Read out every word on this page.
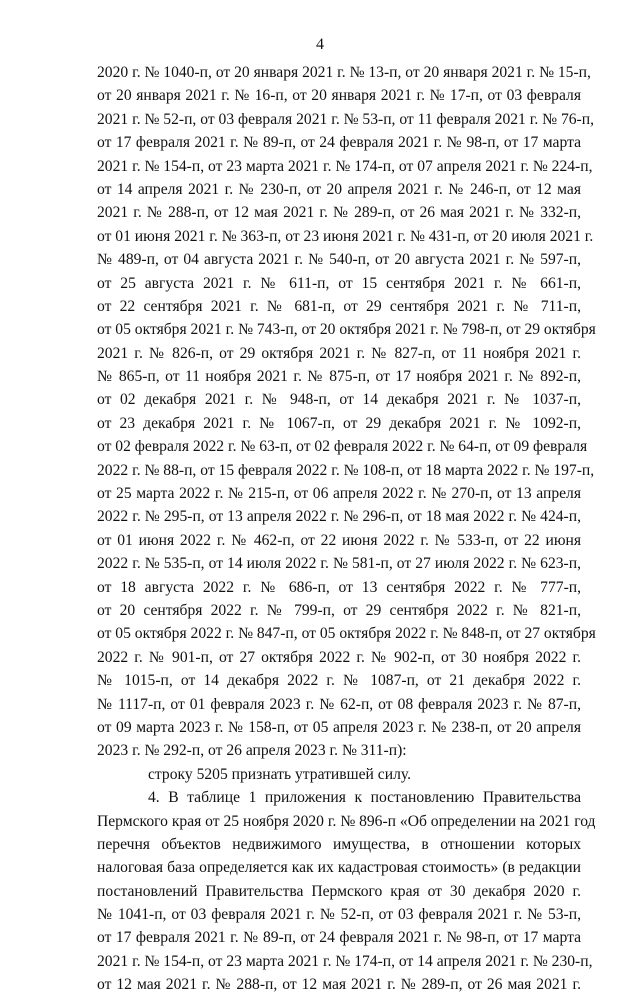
4
2020 г. № 1040-п, от 20 января 2021 г. № 13-п, от 20 января 2021 г. № 15-п,
от 20 января 2021 г. № 16-п, от 20 января 2021 г. № 17-п, от 03 февраля
2021 г. № 52-п, от 03 февраля 2021 г. № 53-п, от 11 февраля 2021 г. № 76-п,
от 17 февраля 2021 г. № 89-п, от 24 февраля 2021 г. № 98-п, от 17 марта
2021 г. № 154-п, от 23 марта 2021 г. № 174-п, от 07 апреля 2021 г. № 224-п,
от 14 апреля 2021 г. № 230-п, от 20 апреля 2021 г. № 246-п, от 12 мая
2021 г. № 288-п, от 12 мая 2021 г. № 289-п, от 26 мая 2021 г. № 332-п,
от 01 июня 2021 г. № 363-п, от 23 июня 2021 г. № 431-п, от 20 июля 2021 г.
№ 489-п, от 04 августа 2021 г. № 540-п, от 20 августа 2021 г. № 597-п,
от 25 августа 2021 г. № 611-п, от 15 сентября 2021 г. № 661-п,
от 22 сентября 2021 г. № 681-п, от 29 сентября 2021 г. № 711-п,
от 05 октября 2021 г. № 743-п, от 20 октября 2021 г. № 798-п, от 29 октября
2021 г. № 826-п, от 29 октября 2021 г. № 827-п, от 11 ноября 2021 г.
№ 865-п, от 11 ноября 2021 г. № 875-п, от 17 ноября 2021 г. № 892-п,
от 02 декабря 2021 г. № 948-п, от 14 декабря 2021 г. № 1037-п,
от 23 декабря 2021 г. № 1067-п, от 29 декабря 2021 г. № 1092-п,
от 02 февраля 2022 г. № 63-п, от 02 февраля 2022 г. № 64-п, от 09 февраля
2022 г. № 88-п, от 15 февраля 2022 г. № 108-п, от 18 марта 2022 г. № 197-п,
от 25 марта 2022 г. № 215-п, от 06 апреля 2022 г. № 270-п, от 13 апреля
2022 г. № 295-п, от 13 апреля 2022 г. № 296-п, от 18 мая 2022 г. № 424-п,
от 01 июня 2022 г. № 462-п, от 22 июня 2022 г. № 533-п, от 22 июня
2022 г. № 535-п, от 14 июля 2022 г. № 581-п, от 27 июля 2022 г. № 623-п,
от 18 августа 2022 г. № 686-п, от 13 сентября 2022 г. № 777-п,
от 20 сентября 2022 г. № 799-п, от 29 сентября 2022 г. № 821-п,
от 05 октября 2022 г. № 847-п, от 05 октября 2022 г. № 848-п, от 27 октября
2022 г. № 901-п, от 27 октября 2022 г. № 902-п, от 30 ноября 2022 г.
№ 1015-п, от 14 декабря 2022 г. № 1087-п, от 21 декабря 2022 г.
№ 1117-п, от 01 февраля 2023 г. № 62-п, от 08 февраля 2023 г. № 87-п,
от 09 марта 2023 г. № 158-п, от 05 апреля 2023 г. № 238-п, от 20 апреля
2023 г. № 292-п, от 26 апреля 2023 г. № 311-п):
строку 5205 признать утратившей силу.
4. В таблице 1 приложения к постановлению Правительства
Пермского края от 25 ноября 2020 г. № 896-п «Об определении на 2021 год
перечня объектов недвижимого имущества, в отношении которых
налоговая база определяется как их кадастровая стоимость» (в редакции
постановлений Правительства Пермского края от 30 декабря 2020 г.
№ 1041-п, от 03 февраля 2021 г. № 52-п, от 03 февраля 2021 г. № 53-п,
от 17 февраля 2021 г. № 89-п, от 24 февраля 2021 г. № 98-п, от 17 марта
2021 г. № 154-п, от 23 марта 2021 г. № 174-п, от 14 апреля 2021 г. № 230-п,
от 12 мая 2021 г. № 288-п, от 12 мая 2021 г. № 289-п, от 26 мая 2021 г.
